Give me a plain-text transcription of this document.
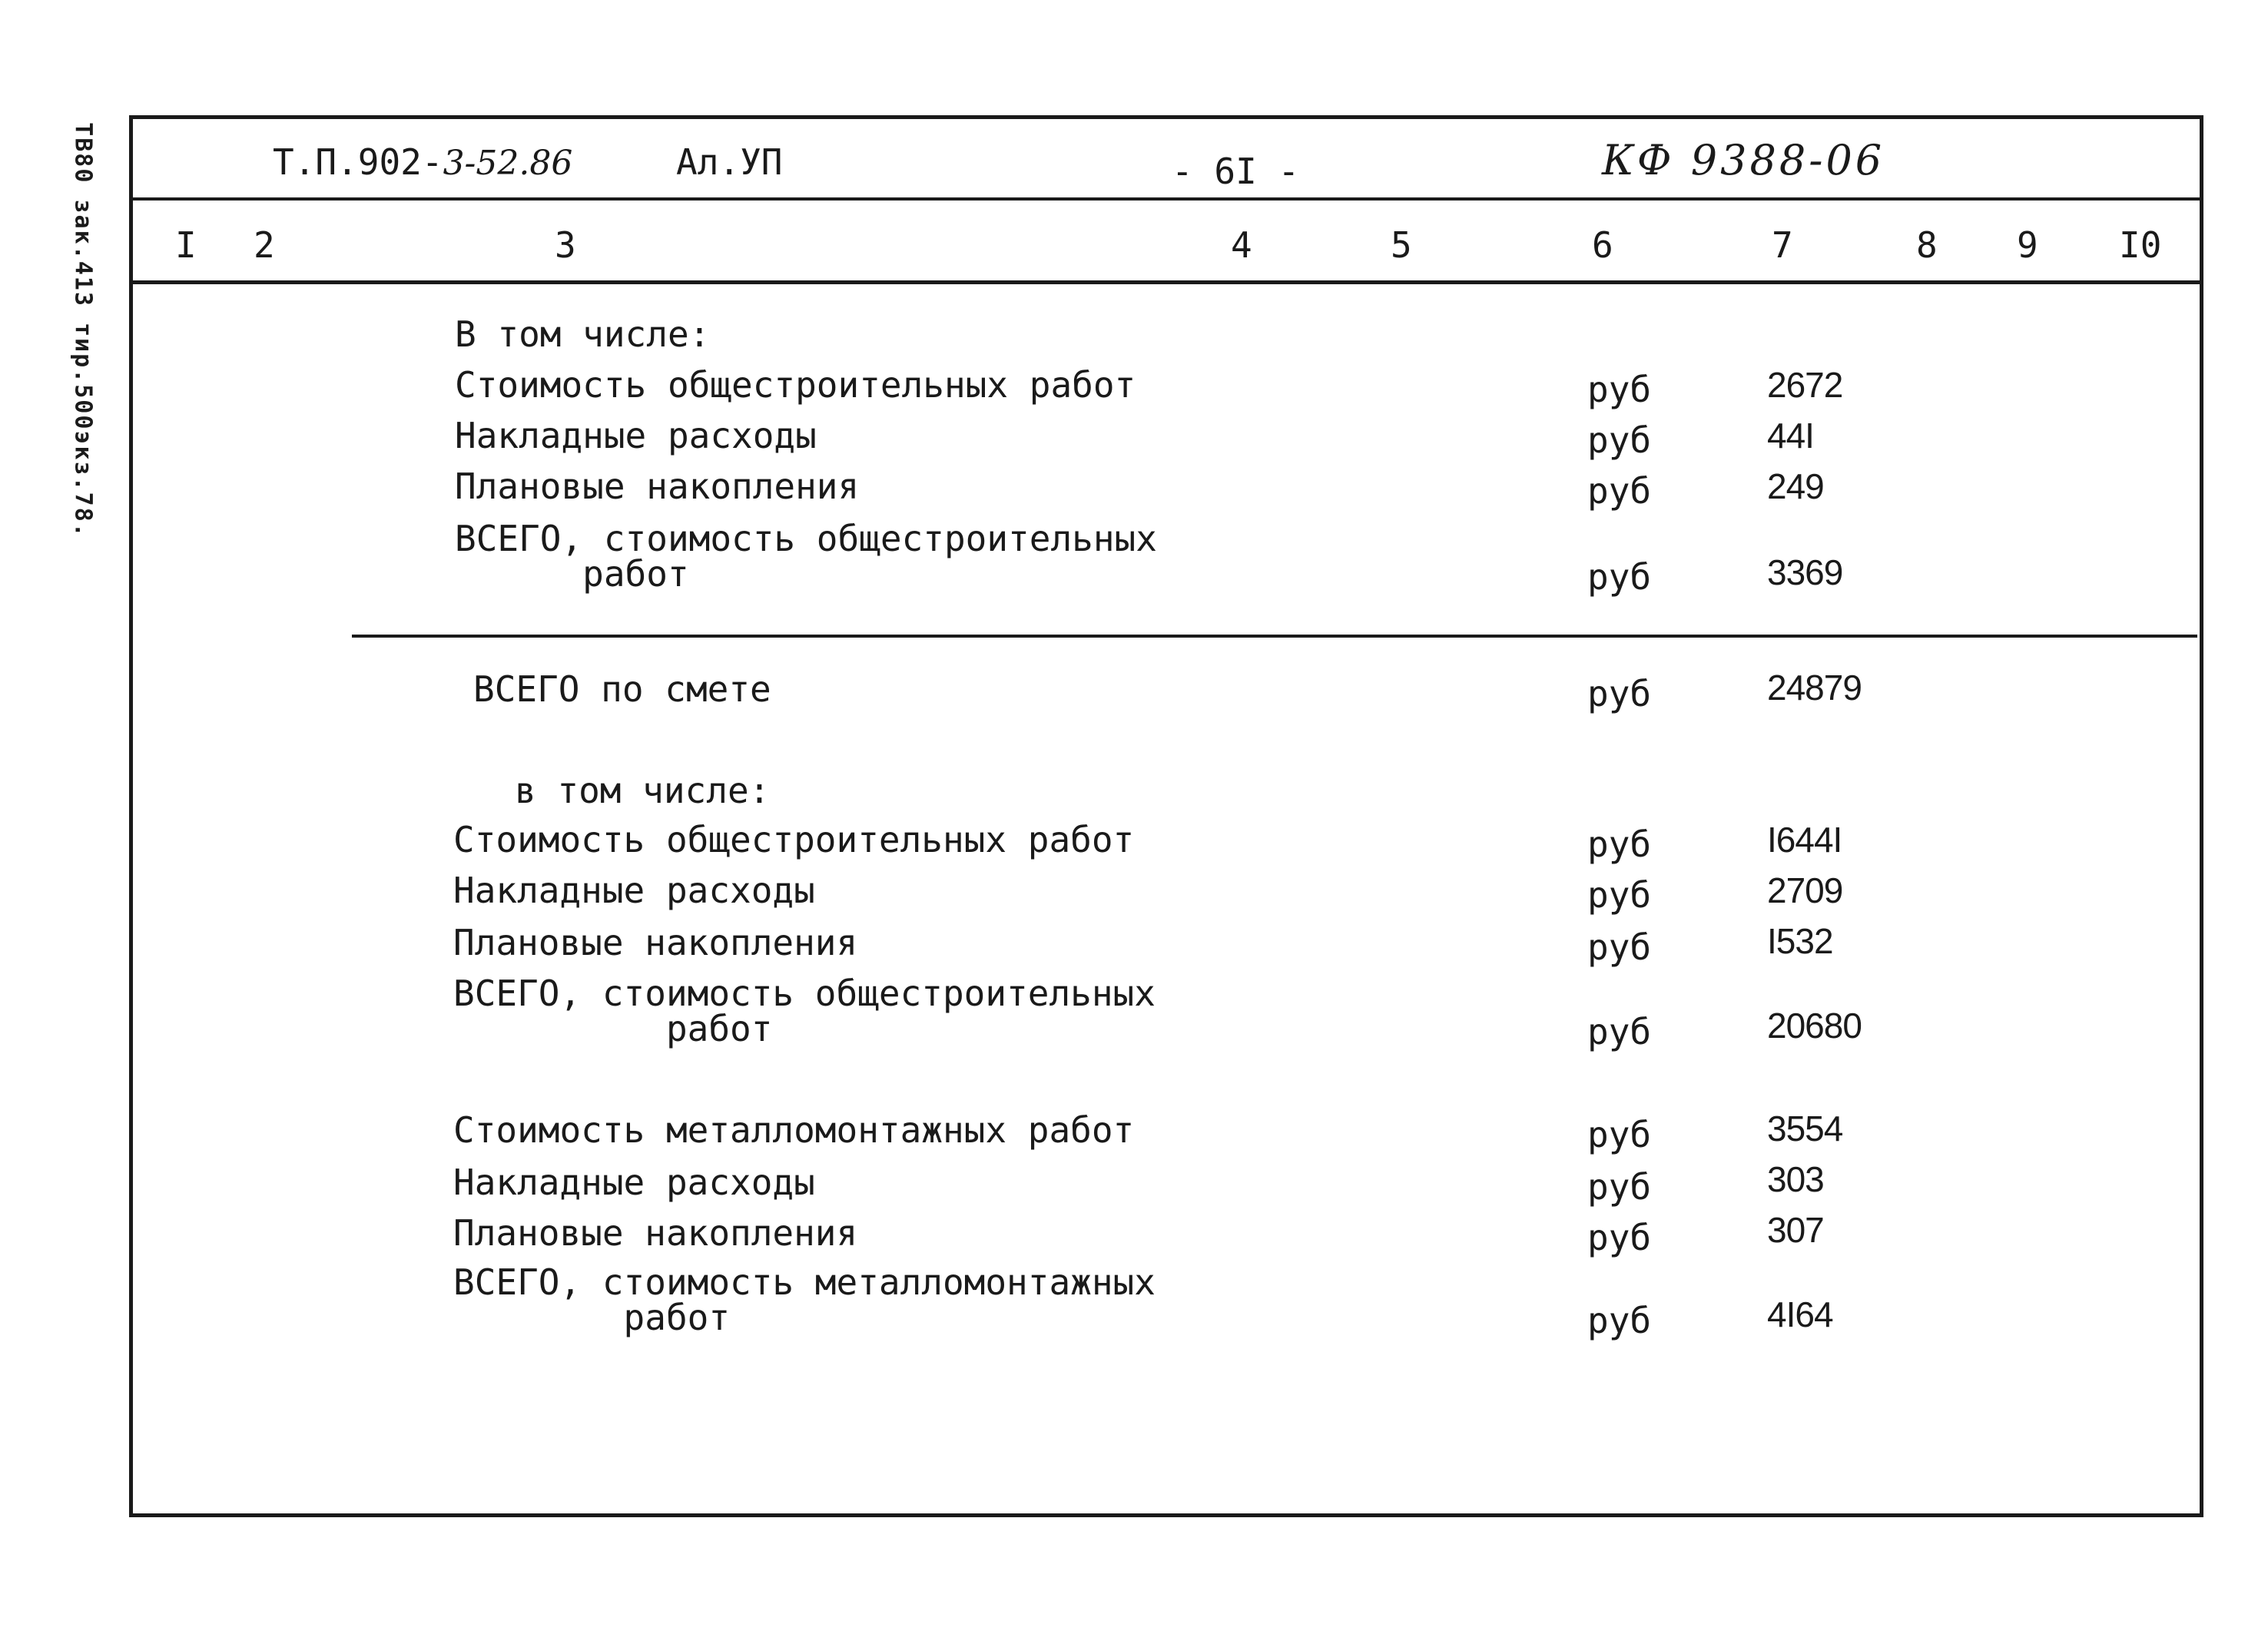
ТВ80 зак.413 тир.500экз.78.	Т.П.902-3-52.86	Ал.УП	- 6I -	КФ 9388-06
I 2	3	4	5	6	7	8 9 I0
В том числе:
Стоимость общестроительных работ	руб	2672
Накладные расходы	руб	44I
Плановые накопления	руб	249
ВСЕГО, стоимость общестроительных
работ	руб	3369
ВСЕГО по смете	руб	24879
в том числе:
Стоимость общестроительных работ	руб	I644I
Накладные расходы	руб	2709
Плановые накопления	руб	I532
ВСЕГО, стоимость общестроительных
работ	руб	20680
Стоимость металломонтажных работ	руб	3554
Накладные расходы	руб	303
Плановые накопления	руб	307
ВСЕГО, стоимость металломонтажных
работ	руб	4I64
